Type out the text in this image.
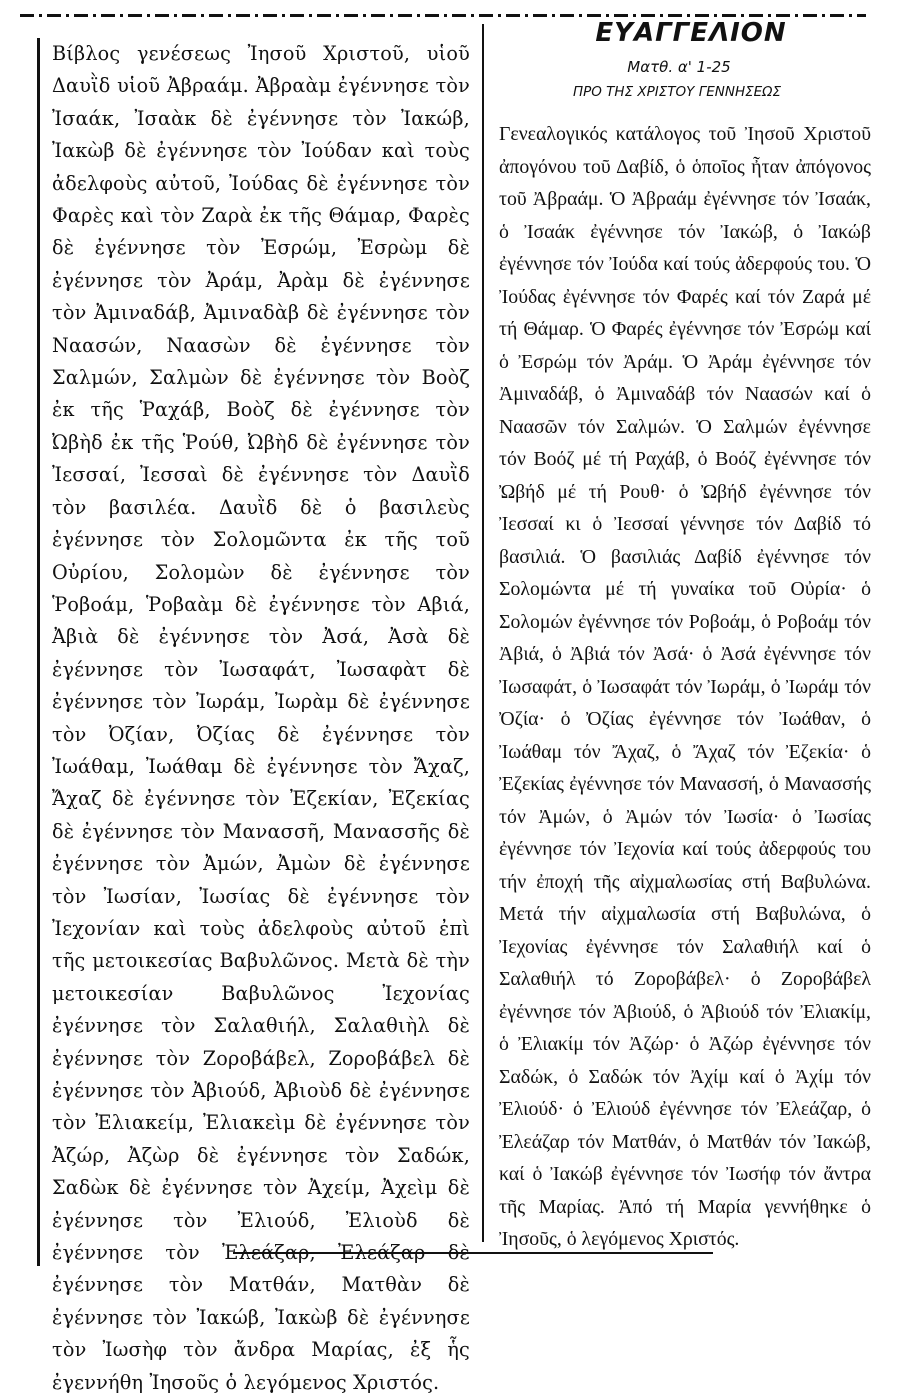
Βίβλος γενέσεως Ἰησοῦ Χριστοῦ, υἱοῦ Δαυῒδ υἱοῦ Ἀβραάμ. Ἀβραὰμ ἐγέννησε τὸν Ἰσαάκ, Ἰσαὰκ δὲ ἐγέννησε τὸν Ἰακώβ, Ἰακὼβ δὲ ἐγέννησε τὸν Ἰούδαν καὶ τοὺς ἀδελφοὺς αὐτοῦ, Ἰούδας δὲ ἐγέννησε τὸν Φαρὲς καὶ τὸν Ζαρὰ ἐκ τῆς Θάμαρ, Φαρὲς δὲ ἐγέννησε τὸν Ἐσρώμ, Ἐσρὼμ δὲ ἐγέννησε τὸν Ἀράμ, Ἀρὰμ δὲ ἐγέννησε τὸν Ἀμιναδάβ, Ἀμιναδὰβ δὲ ἐγέννησε τὸν Ναασών, Ναασὼν δὲ ἐγέννησε τὸν Σαλμών, Σαλμὼν δὲ ἐγέννησε τὸν Βοὸζ ἐκ τῆς Ῥαχάβ, Βοὸζ δὲ ἐγέννησε τὸν Ὠβὴδ ἐκ τῆς Ῥούθ, Ὠβὴδ δὲ ἐγέννησε τὸν Ἰεσσαί, Ἰεσσαὶ δὲ ἐγέννησε τὸν Δαυῒδ τὸν βασιλέα. Δαυῒδ δὲ ὁ βασιλεὺς ἐγέννησε τὸν Σολομῶντα ἐκ τῆς τοῦ Οὐρίου, Σολομὼν δὲ ἐγέννησε τὸν Ῥοβοάμ, Ῥοβαὰμ δὲ ἐγέννησε τὸν Αβιά, Ἀβιὰ δὲ ἐγέννησε τὸν Ἀσά, Ἀσὰ δὲ ἐγέννησε τὸν Ἰωσαφάτ, Ἰωσαφὰτ δὲ ἐγέννησε τὸν Ἰωράμ, Ἰωρὰμ δὲ ἐγέννησε τὸν Ὀζίαν, Ὀζίας δὲ ἐγέννησε τὸν Ἰωάθαμ, Ἰωάθαμ δὲ ἐγέννησε τὸν Ἄχαζ, Ἄχαζ δὲ ἐγέννησε τὸν Ἐζεκίαν, Ἐζεκίας δὲ ἐγέννησε τὸν Μανασσῆ, Μανασσῆς δὲ ἐγέννησε τὸν Ἀμών, Ἀμὼν δὲ ἐγέννησε τὸν Ἰωσίαν, Ἰωσίας δὲ ἐγέννησε τὸν Ἰεχονίαν καὶ τοὺς ἀδελφοὺς αὐτοῦ ἐπὶ τῆς μετοικεσίας Βαβυλῶνος. Μετὰ δὲ τὴν μετοικεσίαν Βαβυλῶνος Ἰεχονίας ἐγέννησε τὸν Σαλαθιήλ, Σαλαθιὴλ δὲ ἐγέννησε τὸν Ζοροβάβελ, Ζοροβάβελ δὲ ἐγέννησε τὸν Ἀβιούδ, Ἀβιοὺδ δὲ ἐγέννησε τὸν Ἐλιακείμ, Ἐλιακεὶμ δὲ ἐγέννησε τὸν Ἀζώρ, Ἀζὼρ δὲ ἐγέννησε τὸν Σαδώκ, Σαδὼκ δὲ ἐγέννησε τὸν Ἀχείμ, Ἀχεὶμ δὲ ἐγέννησε τὸν Ἐλιούδ, Ἐλιοὺδ δὲ ἐγέννησε τὸν Ἐλεάζαρ, Ἐλεάζαρ δὲ ἐγέννησε τὸν Ματθάν, Ματθὰν δὲ ἐγέννησε τὸν Ἰακώβ, Ἰακὼβ δὲ ἐγέννησε τὸν Ἰωσὴφ τὸν ἄνδρα Μαρίας, ἐξ ἧς ἐγεννήθη Ἰησοῦς ὁ λεγόμενος Χριστός.

ΕΥΑΓΓΕΛΙΟΝ
Ματθ. α' 1-25
ΠΡΟ ΤΗΣ ΧΡΙΣΤΟΥ ΓΕΝΝΗΣΕΩΣ

Γενεαλογικός κατάλογος τοῦ Ἰησοῦ Χριστοῦ ἀπογόνου τοῦ Δαβίδ, ὁ ὁποῖος ἦταν ἀπόγονος τοῦ Ἀβραάμ. Ὁ Ἀβραάμ ἐγέννησε τόν Ἰσαάκ, ὁ Ἰσαάκ ἐγέννησε τόν Ἰακώβ, ὁ Ἰακώβ ἐγέννησε τόν Ἰούδα καί τούς ἀδερφούς του. Ὁ Ἰούδας ἐγέννησε τόν Φαρές καί τόν Ζαρά μέ τή Θάμαρ. Ὁ Φαρές ἐγέννησε τόν Ἐσρώμ καί ὁ Ἐσρώμ τόν Ἀράμ. Ὁ Ἀράμ ἐγέννησε τόν Ἀμιναδάβ, ὁ Ἀμιναδάβ τόν Ναασών καί ὁ Ναασῶν τόν Σαλμών. Ὁ Σαλμών ἐγέννησε τόν Βοόζ μέ τή Ραχάβ, ὁ Βοόζ ἐγέννησε τόν Ὠβήδ μέ τή Ρουθ· ὁ Ὠβήδ ἐγέννησε τόν Ἰεσσαί κι ὁ Ἰεσσαί γέννησε τόν Δαβίδ τό βασιλιά. Ὁ βασιλιάς Δαβίδ ἐγέννησε τόν Σολομώντα μέ τή γυναίκα τοῦ Οὐρία· ὁ Σολομών ἐγέννησε τόν Ροβοάμ, ὁ Ροβοάμ τόν Ἀβιά, ὁ Ἀβιά τόν Ἀσά· ὁ Ἀσά ἐγέννησε τόν Ἰωσαφάτ, ὁ Ἰωσαφάτ τόν Ἰωράμ, ὁ Ἰωράμ τόν Ὀζία· ὁ Ὀζίας ἐγέννησε τόν Ἰωάθαν, ὁ Ἰωάθαμ τόν Ἄχαζ, ὁ Ἄχαζ τόν Ἐζεκία· ὁ Ἐζεκίας ἐγέννησε τόν Μανασσή, ὁ Μανασσής τόν Ἀμών, ὁ Ἀμών τόν Ἰωσία· ὁ Ἰωσίας ἐγέννησε τόν Ἰεχονία καί τούς ἀδερφούς του τήν ἐποχή τῆς αἰχμαλωσίας στή Βαβυλώνα. Μετά τήν αἰχμαλωσία στή Βαβυλώνα, ὁ Ἰεχονίας ἐγέννησε τόν Σαλαθιήλ καί ὁ Σαλαθιήλ τό Ζοροβάβελ· ὁ Ζοροβάβελ ἐγέννησε τόν Ἀβιούδ, ὁ Ἀβιούδ τόν Ἐλιακίμ, ὁ Ἐλιακίμ τόν Ἀζώρ· ὁ Ἀζώρ ἐγέννησε τόν Σαδώκ, ὁ Σαδώκ τόν Ἀχίμ καί ὁ Ἀχίμ τόν Ἐλιούδ· ὁ Ἐλιούδ ἐγέννησε τόν Ἐλεάζαρ, ὁ Ἐλεάζαρ τόν Ματθάν, ὁ Ματθάν τόν Ἰακώβ, καί ὁ Ἰακώβ ἐγέννησε τόν Ἰωσήφ τόν ἄντρα τῆς Μαρίας. Ἀπό τή Μαρία γεννήθηκε ὁ Ἰησοῦς, ὁ λεγόμενος Χριστός.
